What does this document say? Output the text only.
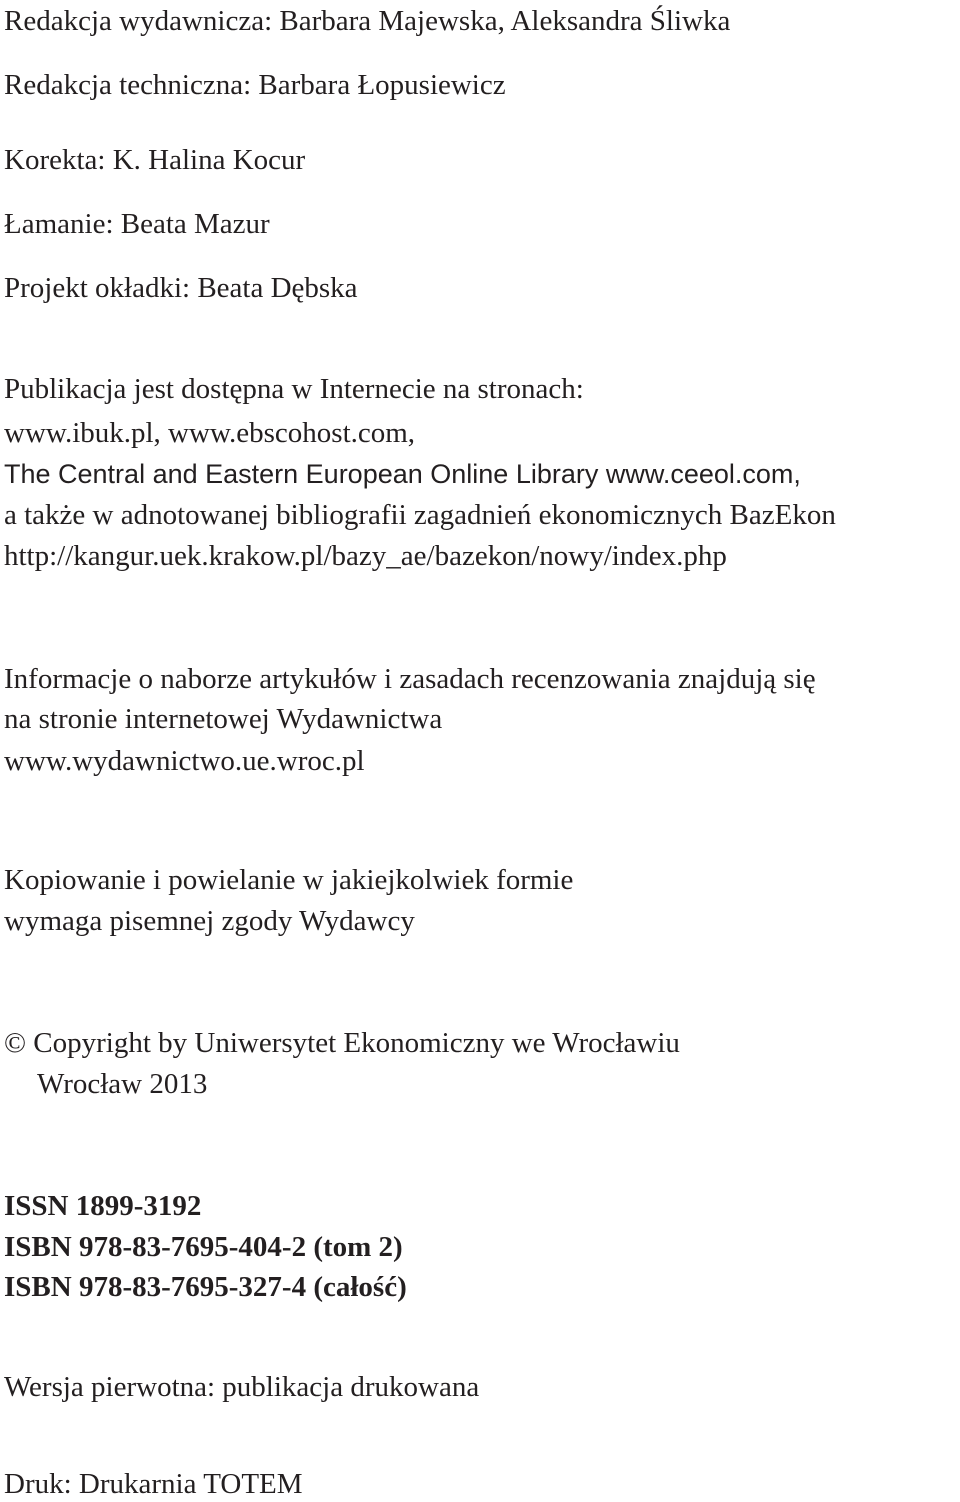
Redakcja wydawnicza: Barbara Majewska, Aleksandra Śliwka
Redakcja techniczna: Barbara Łopusiewicz
Korekta: K. Halina Kocur
Łamanie: Beata Mazur
Projekt okładki: Beata Dębska
Publikacja jest dostępna w Internecie na stronach:
www.ibuk.pl, www.ebscohost.com,
The Central and Eastern European Online Library www.ceeol.com,
a także w adnotowanej bibliografii zagadnień ekonomicznych BazEkon
http://kangur.uek.krakow.pl/bazy_ae/bazekon/nowy/index.php
Informacje o naborze artykułów i zasadach recenzowania znajdują się
na stronie internetowej Wydawnictwa
www.wydawnictwo.ue.wroc.pl
Kopiowanie i powielanie w jakiejkolwiek formie
wymaga pisemnej zgody Wydawcy
© Copyright by Uniwersytet Ekonomiczny we Wrocławiu
Wrocław 2013
ISSN 1899-3192
ISBN 978-83-7695-404-2 (tom 2)
ISBN 978-83-7695-327-4 (całość)
Wersja pierwotna: publikacja drukowana
Druk: Drukarnia TOTEM
